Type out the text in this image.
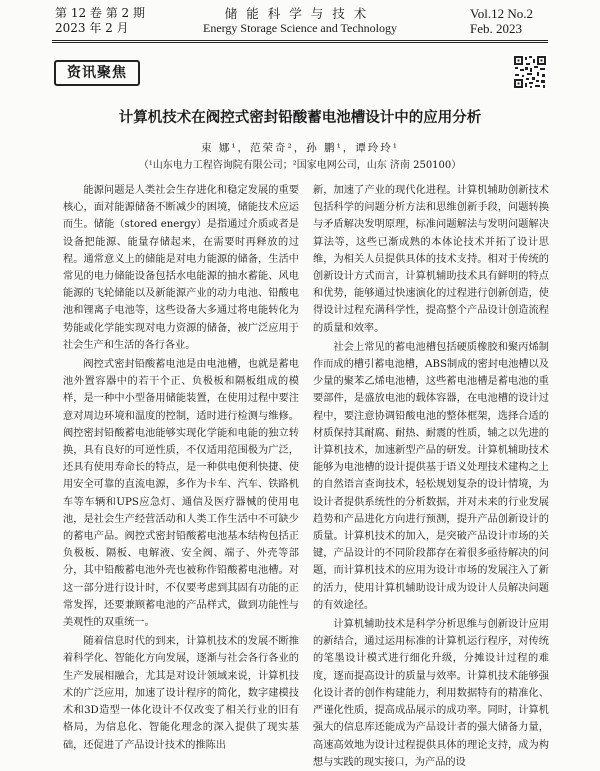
第 12 卷 第 2 期
2023 年 2 月
储能科学与技术
Energy Storage Science and Technology
Vol.12 No.2
Feb. 2023
资讯聚焦
计算机技术在阀控式密封铅酸蓄电池槽设计中的应用分析
束 娜¹，范荣奇²，孙 鹏¹，谭玲玲¹
（¹山东电力工程咨询院有限公司；²国家电网公司，山东 济南 250100）

能源问题是人类社会生存进化和稳定发展的重要核心，面对能源储备不断减少的困境，储能技术应运而生。储能（stored energy）是指通过介质或者是设备把能源、能量存储起来，在需要时再释放的过程。通常意义上的储能是对电力能源的储备，生活中常见的电力储能设备包括水电能源的抽水蓄能、风电能源的飞轮储能以及新能源产业的动力电池、铅酸电池和锂离子电池等，这些设备大多通过将电能转化为势能或化学能实现对电力资源的储备，被广泛应用于社会生产和生活的各行各业。

阀控式密封铅酸蓄电池是由电池槽，也就是蓄电池外置容器中的若干个正、负极板和隔板组成的模样，是一种中小型备用储能装置，在使用过程中要注意对周边环境和温度的控制，适时进行检测与维修。阀控密封铅酸蓄电池能够实现化学能和电能的独立转换，具有良好的可逆性质，不仅适用范围极为广泛，还具有使用寿命长的特点，是一种供电便利快捷、使用安全可靠的直流电源，多作为卡车、汽车、铁路机车等车辆和UPS应急灯、通信及医疗器械的使用电池，是社会生产经营活动和人类工作生活中不可缺少的蓄电产品。阀控式密封铅酸蓄电池基本结构包括正负极板、隔板、电解液、安全阀、端子、外壳等部分，其中铅酸蓄电池外壳也被称作铅酸蓄电池槽。对这一部分进行设计时，不仅要考虑到其固有功能的正常发挥，还要兼顾蓄电池的产品样式，做到功能性与美观性的双重统一。

随着信息时代的到来，计算机技术的发展不断推着科学化、智能化方向发展，逐渐与社会各行各业的生产发展相融合，尤其是对设计领域来说，计算机技术的广泛应用，加速了设计程序的简化，数字建模技术和3D造型一体化设计不仅改变了相关行业的旧有格局，为信息化、智能化理念的深入提供了现实基础，还促进了产品设计技术的推陈出

新，加速了产业的现代化进程。计算机辅助创新技术包括科学的问题分析方法和思维创新手段，问题转换与矛盾解决发明原理，标准问题解法与发明问题解决算法等，这些已渐成熟的本体论技术并拓了设计思维，为相关人员提供具体的技术支持。相对于传统的创新设计方式而言，计算机辅助技术具有鲜明的特点和优势，能够通过快速演化的过程进行创新创造，使得设计过程充满科学性，提高整个产品设计创造流程的质量和效率。

社会上常见的蓄电池槽包括硬质橡胶和聚丙烯制作而成的槽引蓄电池槽，ABS制成的密封电池槽以及少量的聚苯乙烯电池槽，这些蓄电池槽是蓄电池的重要部件，是盛放电池的载体容器，在电池槽的设计过程中，要注意协调铅酸电池的整体框架，选择合适的材质保持其耐腐、耐热、耐震的性质，辅之以先进的计算机技术，加速新型产品的研发。计算机辅助技术能够为电池槽的设计提供基于语义处理技术建构之上的自然语言查询技术，轻松规划复杂的设计情境，为设计者提供系统性的分析数据，并对未来的行业发展趋势和产品进化方向进行预测，提升产品创新设计的质量。计算机技术的加入，是突破产品设计市场的关键，产品设计的不同阶段都存在着很多亟待解决的问题，而计算机技术的应用为设计市场的发展注入了新的活力，使用计算机辅助设计成为设计人员解决问题的有效途径。

计算机辅助技术是科学分析思维与创新设计应用的新结合，通过运用标准的计算机运行程序，对传统的笔墨设计模式进行细化升级，分摊设计过程的难度，逐而提高设计的质量与效率。计算机技术能够强化设计者的创作构建能力，利用数据特有的精准化、严谨化性质，提高成品展示的成功率。同时，计算机强大的信息库还能成为产品设计者的强大储备力量，高速高效地为设计过程提供具体的理论支持，成为构想与实践的现实接口，为产品的设
